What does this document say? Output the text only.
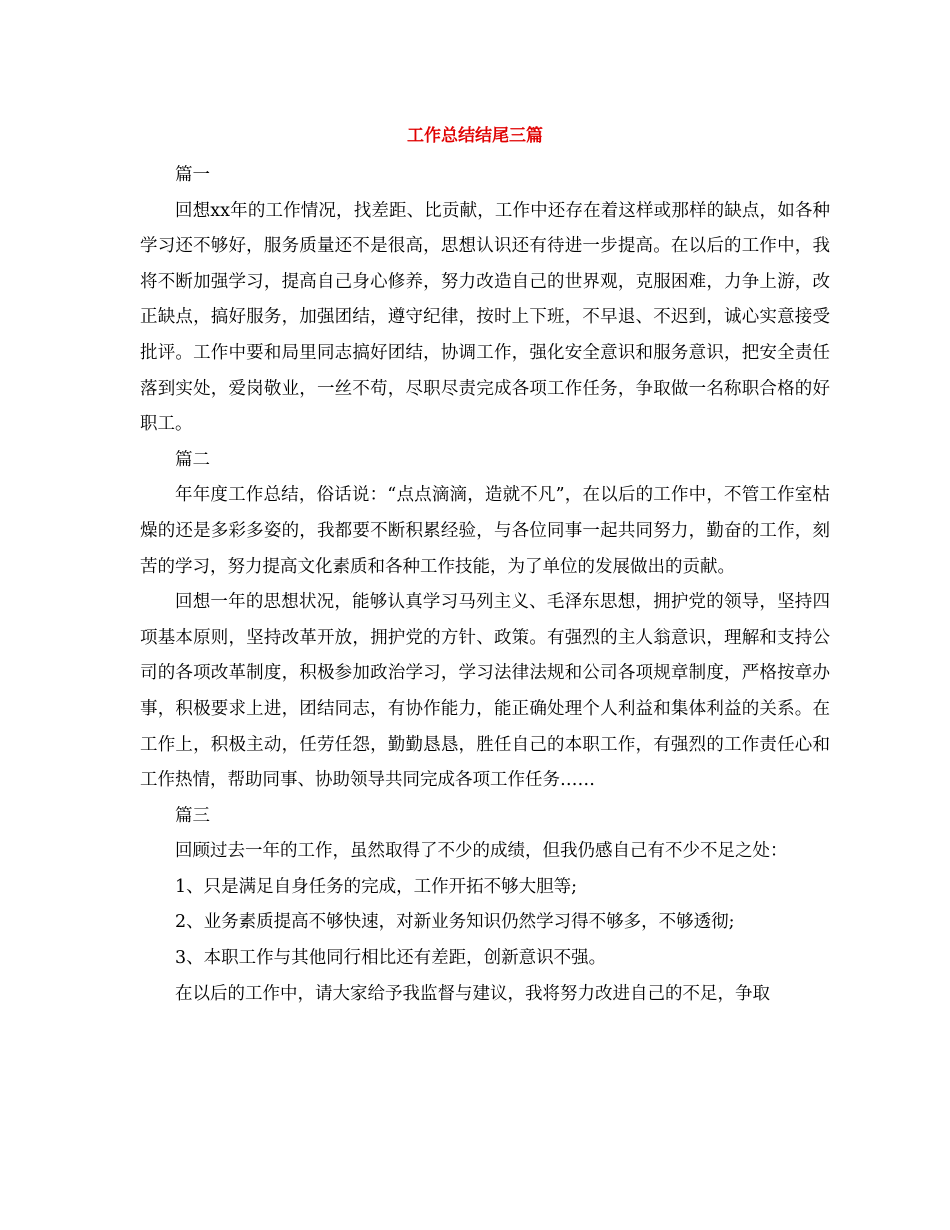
工作总结结尾三篇

篇一

回想xx年的工作情况，找差距、比贡献，工作中还存在着这样或那样的缺点，如各种学习还不够好，服务质量还不是很高，思想认识还有待进一步提高。在以后的工作中，我将不断加强学习，提高自己身心修养，努力改造自己的世界观，克服困难，力争上游，改正缺点，搞好服务，加强团结，遵守纪律，按时上下班，不早退、不迟到，诚心实意接受批评。工作中要和局里同志搞好团结，协调工作，强化安全意识和服务意识，把安全责任落到实处，爱岗敬业，一丝不苟，尽职尽责完成各项工作任务，争取做一名称职合格的好职工。

篇二

年年度工作总结，俗话说：“点点滴滴，造就不凡”，在以后的工作中，不管工作室枯燥的还是多彩多姿的，我都要不断积累经验，与各位同事一起共同努力，勤奋的工作，刻苦的学习，努力提高文化素质和各种工作技能，为了单位的发展做出的贡献。

回想一年的思想状况，能够认真学习马列主义、毛泽东思想，拥护党的领导，坚持四项基本原则，坚持改革开放，拥护党的方针、政策。有强烈的主人翁意识，理解和支持公司的各项改革制度，积极参加政治学习，学习法律法规和公司各项规章制度，严格按章办事，积极要求上进，团结同志，有协作能力，能正确处理个人利益和集体利益的关系。在工作上，积极主动，任劳任怨，勤勤恳恳，胜任自己的本职工作，有强烈的工作责任心和工作热情，帮助同事、协助领导共同完成各项工作任务……

篇三

回顾过去一年的工作，虽然取得了不少的成绩，但我仍感自己有不少不足之处：

1、只是满足自身任务的完成，工作开拓不够大胆等;

2、业务素质提高不够快速，对新业务知识仍然学习得不够多，不够透彻;

3、本职工作与其他同行相比还有差距，创新意识不强。

在以后的工作中，请大家给予我监督与建议，我将努力改进自己的不足，争取
